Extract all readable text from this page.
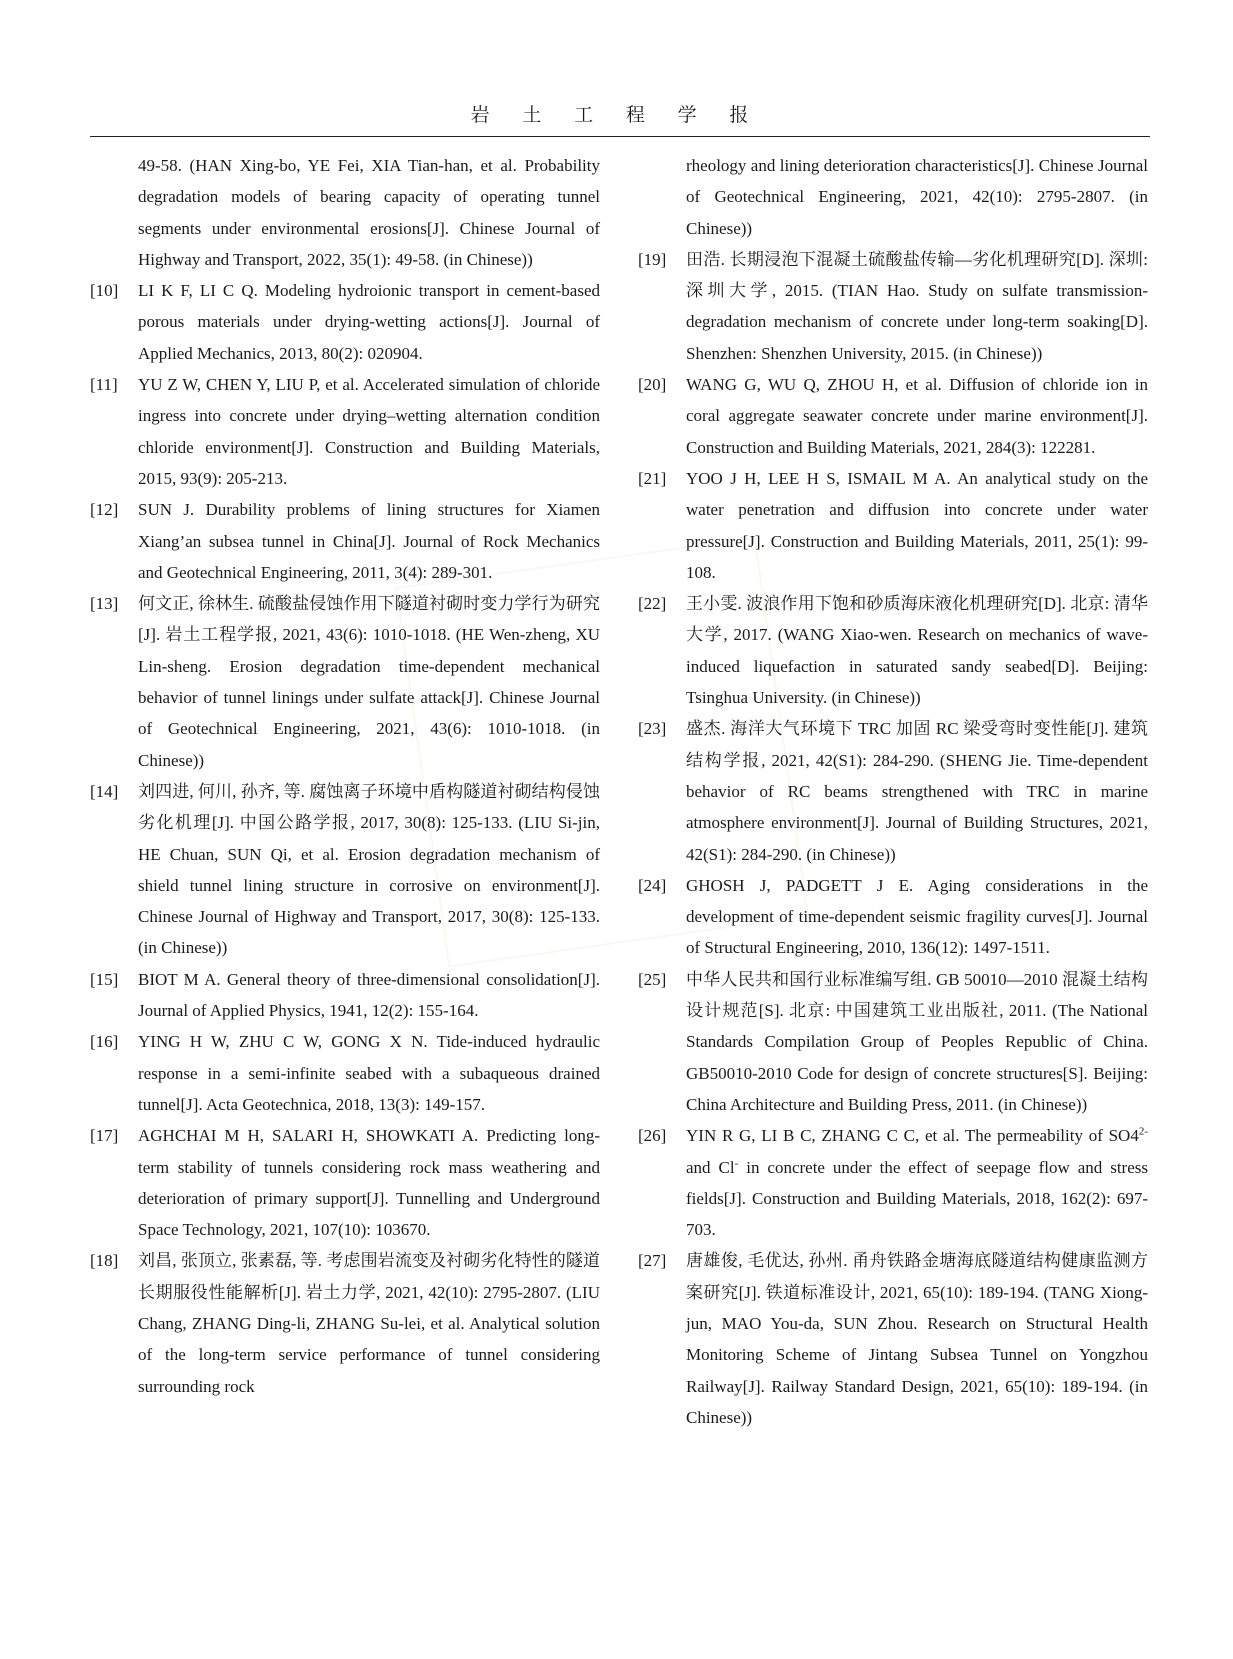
岩 土 工 程 学 报
49-58. (HAN Xing-bo, YE Fei, XIA Tian-han, et al. Probability degradation models of bearing capacity of operating tunnel segments under environmental erosions[J]. Chinese Journal of Highway and Transport, 2022, 35(1): 49-58. (in Chinese))
[10] LI K F, LI C Q. Modeling hydroionic transport in cement-based porous materials under drying-wetting actions[J]. Journal of Applied Mechanics, 2013, 80(2): 020904.
[11] YU Z W, CHEN Y, LIU P, et al. Accelerated simulation of chloride ingress into concrete under drying–wetting alternation condition chloride environment[J]. Construction and Building Materials, 2015, 93(9): 205-213.
[12] SUN J. Durability problems of lining structures for Xiamen Xiang’an subsea tunnel in China[J]. Journal of Rock Mechanics and Geotechnical Engineering, 2011, 3(4): 289-301.
[13] 何文正, 徐林生. 硫酸盐侵蚀作用下隧道衬砌时变力学行为研究[J]. 岩土工程学报, 2021, 43(6): 1010-1018. (HE Wen-zheng, XU Lin-sheng. Erosion degradation time-dependent mechanical behavior of tunnel linings under sulfate attack[J]. Chinese Journal of Geotechnical Engineering, 2021, 43(6): 1010-1018. (in Chinese))
[14] 刘四进, 何川, 孙齐, 等. 腐蚀离子环境中盾构隧道衬砌结构侵蚀劣化机理[J]. 中国公路学报, 2017, 30(8): 125-133. (LIU Si-jin, HE Chuan, SUN Qi, et al. Erosion degradation mechanism of shield tunnel lining structure in corrosive on environment[J]. Chinese Journal of Highway and Transport, 2017, 30(8): 125-133. (in Chinese))
[15] BIOT M A. General theory of three-dimensional consolidation[J]. Journal of Applied Physics, 1941, 12(2): 155-164.
[16] YING H W, ZHU C W, GONG X N. Tide-induced hydraulic response in a semi-infinite seabed with a subaqueous drained tunnel[J]. Acta Geotechnica, 2018, 13(3): 149-157.
[17] AGHCHAI M H, SALARI H, SHOWKATI A. Predicting long-term stability of tunnels considering rock mass weathering and deterioration of primary support[J]. Tunnelling and Underground Space Technology, 2021, 107(10): 103670.
[18] 刘昌, 张顶立, 张素磊, 等. 考虑围岩流变及衬砌劣化特性的隧道长期服役性能解析[J]. 岩土力学, 2021, 42(10): 2795-2807. (LIU Chang, ZHANG Ding-li, ZHANG Su-lei, et al. Analytical solution of the long-term service performance of tunnel considering surrounding rock
rheology and lining deterioration characteristics[J]. Chinese Journal of Geotechnical Engineering, 2021, 42(10): 2795-2807. (in Chinese))
[19] 田浩. 长期浸泡下混凝土硫酸盐传输—劣化机理研究[D]. 深圳: 深圳大学, 2015. (TIAN Hao. Study on sulfate transmission-degradation mechanism of concrete under long-term soaking[D]. Shenzhen: Shenzhen University, 2015. (in Chinese))
[20] WANG G, WU Q, ZHOU H, et al. Diffusion of chloride ion in coral aggregate seawater concrete under marine environment[J]. Construction and Building Materials, 2021, 284(3): 122281.
[21] YOO J H, LEE H S, ISMAIL M A. An analytical study on the water penetration and diffusion into concrete under water pressure[J]. Construction and Building Materials, 2011, 25(1): 99-108.
[22] 王小雯. 波浪作用下饱和砂质海床液化机理研究[D]. 北京: 清华大学, 2017. (WANG Xiao-wen. Research on mechanics of wave-induced liquefaction in saturated sandy seabed[D]. Beijing: Tsinghua University. (in Chinese))
[23] 盛杰. 海洋大气环境下 TRC 加固 RC 梁受弯时变性能[J]. 建筑结构学报, 2021, 42(S1): 284-290. (SHENG Jie. Time-dependent behavior of RC beams strengthened with TRC in marine atmosphere environment[J]. Journal of Building Structures, 2021, 42(S1): 284-290. (in Chinese))
[24] GHOSH J, PADGETT J E. Aging considerations in the development of time-dependent seismic fragility curves[J]. Journal of Structural Engineering, 2010, 136(12): 1497-1511.
[25] 中华人民共和国行业标准编写组. GB 50010—2010 混凝土结构设计规范[S]. 北京: 中国建筑工业出版社, 2011. (The National Standards Compilation Group of Peoples Republic of China. GB50010-2010 Code for design of concrete structures[S]. Beijing: China Architecture and Building Press, 2011. (in Chinese))
[26] YIN R G, LI B C, ZHANG C C, et al. The permeability of $SO4^{2-}$ and Cl- in concrete under the effect of seepage flow and stress fields[J]. Construction and Building Materials, 2018, 162(2): 697-703.
[27] 唐雄俊, 毛优达, 孙州. 甬舟铁路金塘海底隧道结构健康监测方案研究[J]. 铁道标准设计, 2021, 65(10): 189-194. (TANG Xiong-jun, MAO You-da, SUN Zhou. Research on Structural Health Monitoring Scheme of Jintang Subsea Tunnel on Yongzhou Railway[J]. Railway Standard Design, 2021, 65(10): 189-194. (in Chinese))
